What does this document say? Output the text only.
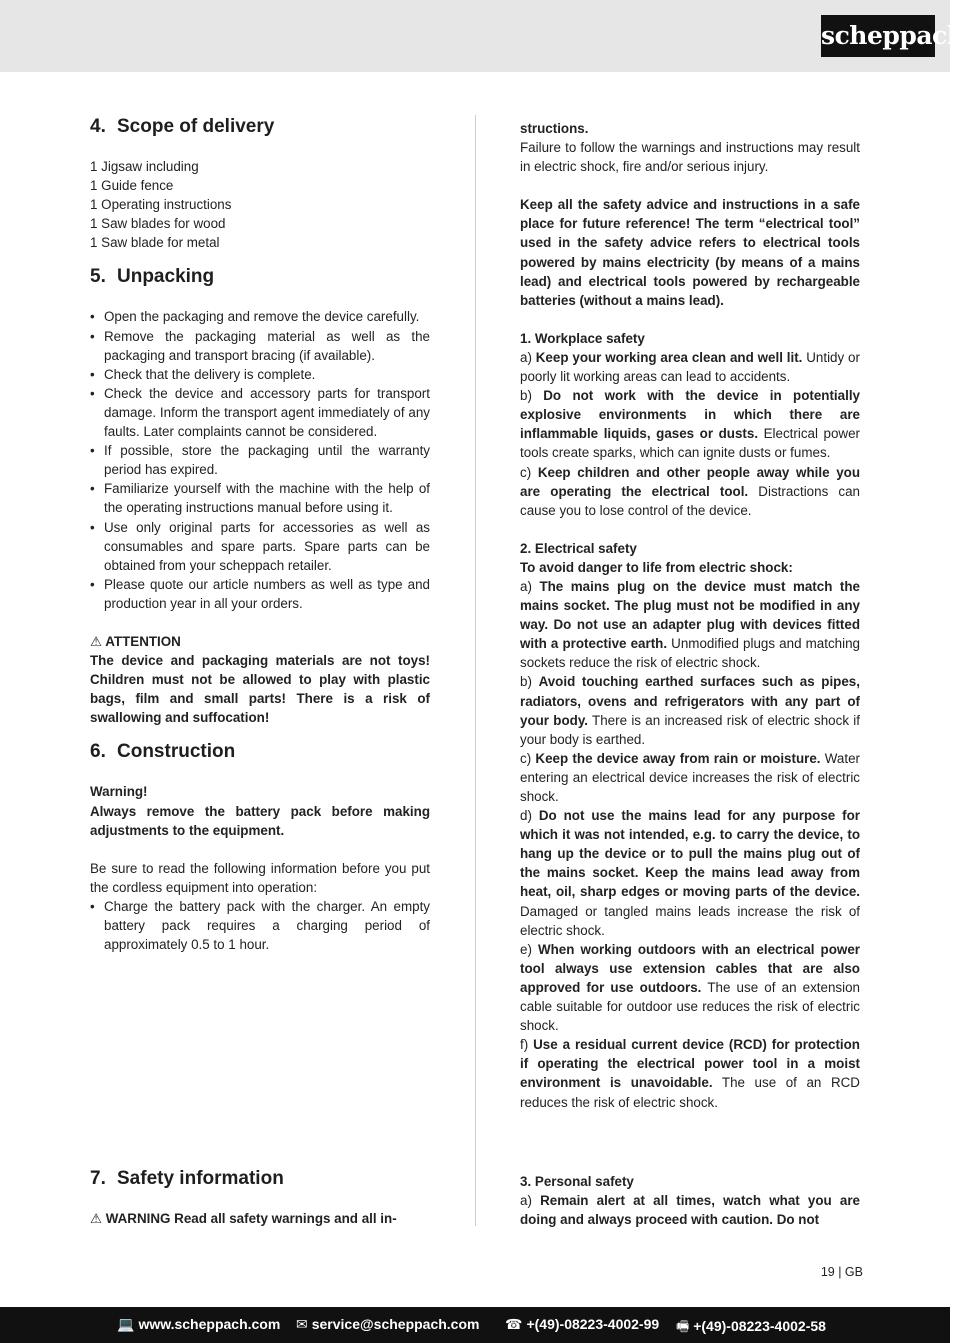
scheppach
4. Scope of delivery
1 Jigsaw including
1 Guide fence
1 Operating instructions
1 Saw blades for wood
1 Saw blade for metal
5. Unpacking
• Open the packaging and remove the device carefully.
• Remove the packaging material as well as the packaging and transport bracing (if available).
• Check that the delivery is complete.
• Check the device and accessory parts for transport damage. Inform the transport agent immediately of any faults. Later complaints cannot be considered.
• If possible, store the packaging until the warranty period has expired.
• Familiarize yourself with the machine with the help of the operating instructions manual before using it.
• Use only original parts for accessories as well as consumables and spare parts. Spare parts can be obtained from your scheppach retailer.
• Please quote our article numbers as well as type and production year in all your orders.
⚠ ATTENTION

The device and packaging materials are not toys! Children must not be allowed to play with plastic bags, film and small parts! There is a risk of swallowing and suffocation!

6. Construction
Warning!

Always remove the battery pack before making adjustments to the equipment.

Be sure to read the following information before you put the cordless equipment into operation:

• Charge the battery pack with the charger. An empty battery pack requires a charging period of approximately 0.5 to 1 hour.
7. Safety information
⚠ WARNING Read all safety warnings and all in-
structions.

Failure to follow the warnings and instructions may result in electric shock, fire and/or serious injury.

Keep all the safety advice and instructions in a safe place for future reference! The term “electrical tool” used in the safety advice refers to electrical tools powered by mains electricity (by means of a mains lead) and electrical tools powered by rechargeable batteries (without a mains lead).

1. Workplace safety

a) Keep your working area clean and well lit. Untidy or poorly lit working areas can lead to accidents.

b) Do not work with the device in potentially explosive environments in which there are inflammable liquids, gases or dusts. Electrical power tools create sparks, which can ignite dusts or fumes.

c) Keep children and other people away while you are operating the electrical tool. Distractions can cause you to lose control of the device.

2. Electrical safety
To avoid danger to life from electric shock:

a) The mains plug on the device must match the mains socket. The plug must not be modified in any way. Do not use an adapter plug with devices fitted with a protective earth. Unmodified plugs and matching sockets reduce the risk of electric shock.

b) Avoid touching earthed surfaces such as pipes, radiators, ovens and refrigerators with any part of your body. There is an increased risk of electric shock if your body is earthed.

c) Keep the device away from rain or moisture. Water entering an electrical device increases the risk of electric shock.

d) Do not use the mains lead for any purpose for which it was not intended, e.g. to carry the device, to hang up the device or to pull the mains plug out of the mains socket. Keep the mains lead away from heat, oil, sharp edges or moving parts of the device. Damaged or tangled mains leads increase the risk of electric shock.

e) When working outdoors with an electrical power tool always use extension cables that are also approved for use outdoors. The use of an extension cable suitable for outdoor use reduces the risk of electric shock.

f) Use a residual current device (RCD) for protection if operating the electrical power tool in a moist environment is unavoidable. The use of an RCD reduces the risk of electric shock.

3. Personal safety

a) Remain alert at all times, watch what you are doing and always proceed with caution. Do not

19 | GB
💻 www.scheppach.com ✉ service@scheppach.com ☎ +(49)-08223-4002-99 🖷 +(49)-08223-4002-58
